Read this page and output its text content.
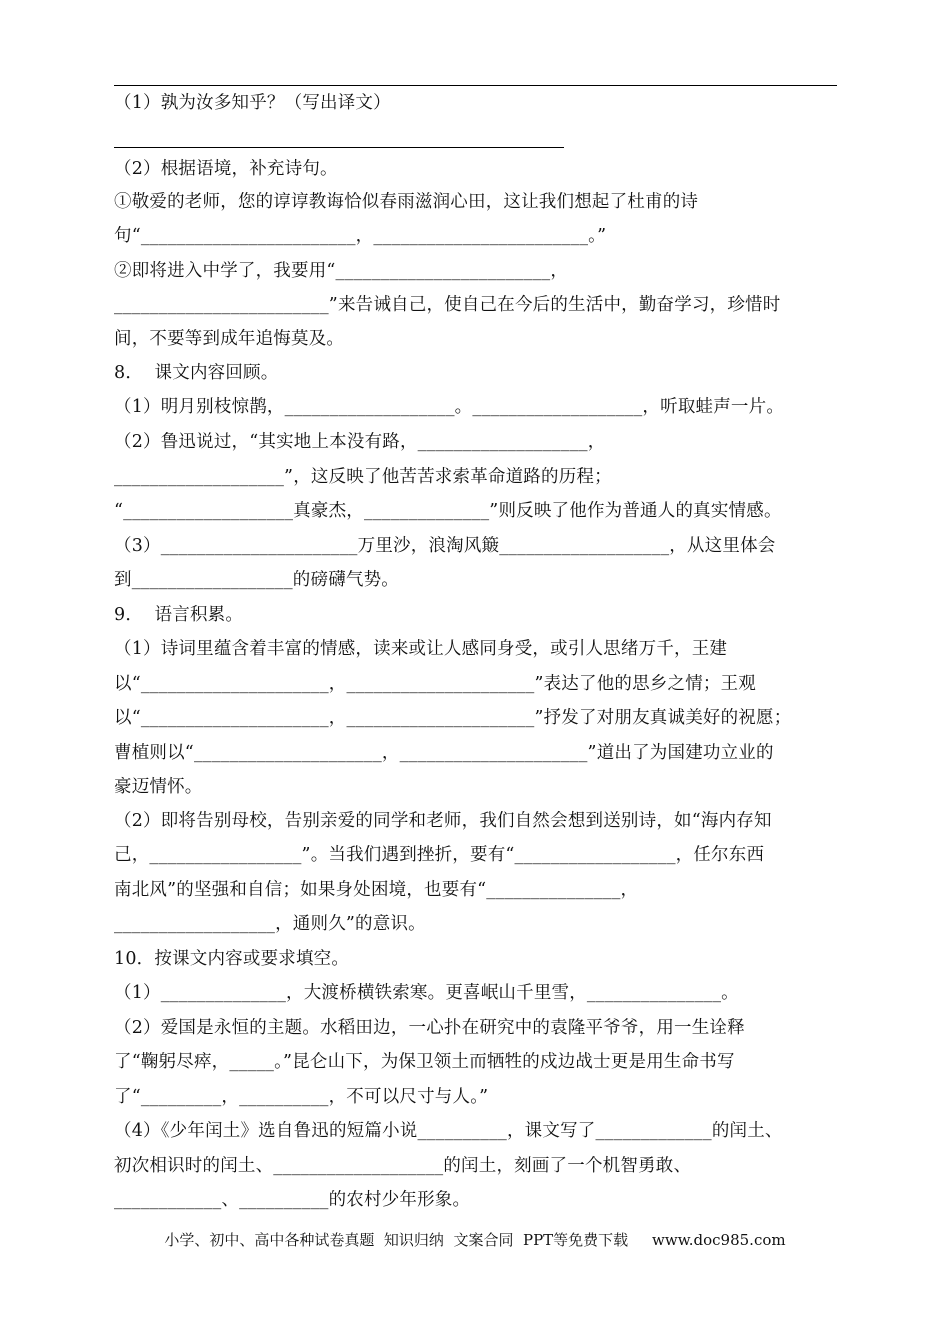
（1）孰为汝多知乎？（写出译文）
（2）根据语境，补充诗句。
①敬爱的老师，您的谆谆教诲恰似春雨滋润心田，这让我们想起了杜甫的诗
句“________________________，________________________。”
②即将进入中学了，我要用“________________________，
________________________”来告诫自己，使自己在今后的生活中，勤奋学习，珍惜时
间，不要等到成年追悔莫及。
8．  课文内容回顾。
（1）明月别枝惊鹊，___________________。___________________，听取蛙声一片。
（2）鲁迅说过，“其实地上本没有路，___________________，
___________________”，这反映了他苦苦求索革命道路的历程；
“___________________真豪杰，______________”则反映了他作为普通人的真实情感。
（3）______________________万里沙，浪淘风簸___________________，从这里体会
到__________________的磅礴气势。
9．  语言积累。
（1）诗词里蕴含着丰富的情感，读来或让人感同身受，或引人思绪万千，王建
以“_____________________，_____________________”表达了他的思乡之情；王观
以“_____________________，_____________________”抒发了对朋友真诚美好的祝愿；
曹植则以“_____________________，_____________________”道出了为国建功立业的
豪迈情怀。
（2）即将告别母校，告别亲爱的同学和老师，我们自然会想到送别诗，如“海内存知
己，_________________”。当我们遇到挫折，要有“__________________，任尔东西
南北风”的坚强和自信；如果身处困境，也要有“_______________，
__________________，通则久”的意识。
10．按课文内容或要求填空。
（1）______________，大渡桥横铁索寒。更喜岷山千里雪，_______________。
（2）爱国是永恒的主题。水稻田边，一心扑在研究中的袁隆平爷爷，用一生诠释
了“鞠躬尽瘁，_____。”昆仑山下，为保卫领土而牺牲的戍边战士更是用生命书写
了“_________，__________，不可以尺寸与人。”
（4）《少年闰土》选自鲁迅的短篇小说__________，课文写了_____________的闰土、
初次相识时的闰土、___________________的闰土，刻画了一个机智勇敢、
____________、__________的农村少年形象。
小学、初中、高中各种试卷真题  知识归纳  文案合同  PPT等免费下载     www.doc985.com
